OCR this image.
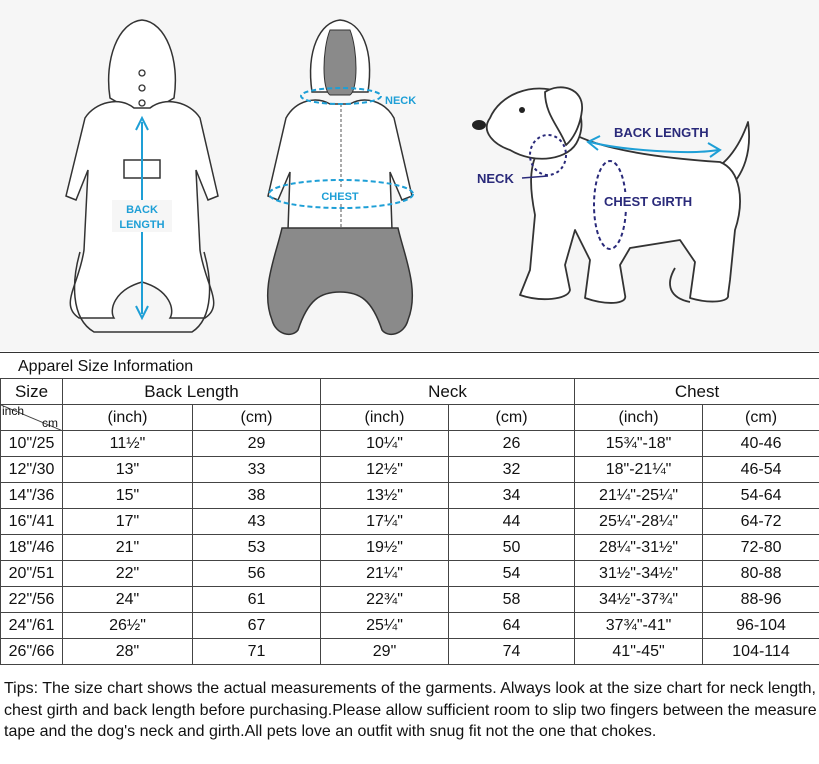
BACK
LENGTH
NECK
CHEST
BACK LENGTH
NECK
CHEST GIRTH
Apparel Size Information
Size	Back Length		Neck		Chest	

inch
cm	(inch)	(cm)	(inch)	(cm)	(inch)	(cm)
10"/25	11½"	29	10¼"	26	15¾"-18"	40-46
12"/30	13"	33	12½"	32	18"-21¼"	46-54
14"/36	15"	38	13½"	34	21¼"-25¼"	54-64
16"/41	17"	43	17¼"	44	25¼"-28¼"	64-72
18"/46	21"	53	19½"	50	28¼"-31½"	72-80
20"/51	22"	56	21¼"	54	31½"-34½"	80-88
22"/56	24"	61	22¾"	58	34½"-37¾"	88-96
24"/61	26½"	67	25¼"	64	37¾"-41"	96-104
26"/66	28"	71	29"	74	41"-45"	104-114
Tips: The size chart shows the actual measurements of the garments. Always look at the size chart for neck length, chest girth and back length before purchasing.Please allow sufficient room to slip two fingers between the measure tape and the dog's neck and girth.All pets love an outfit with snug fit not the one that chokes.
